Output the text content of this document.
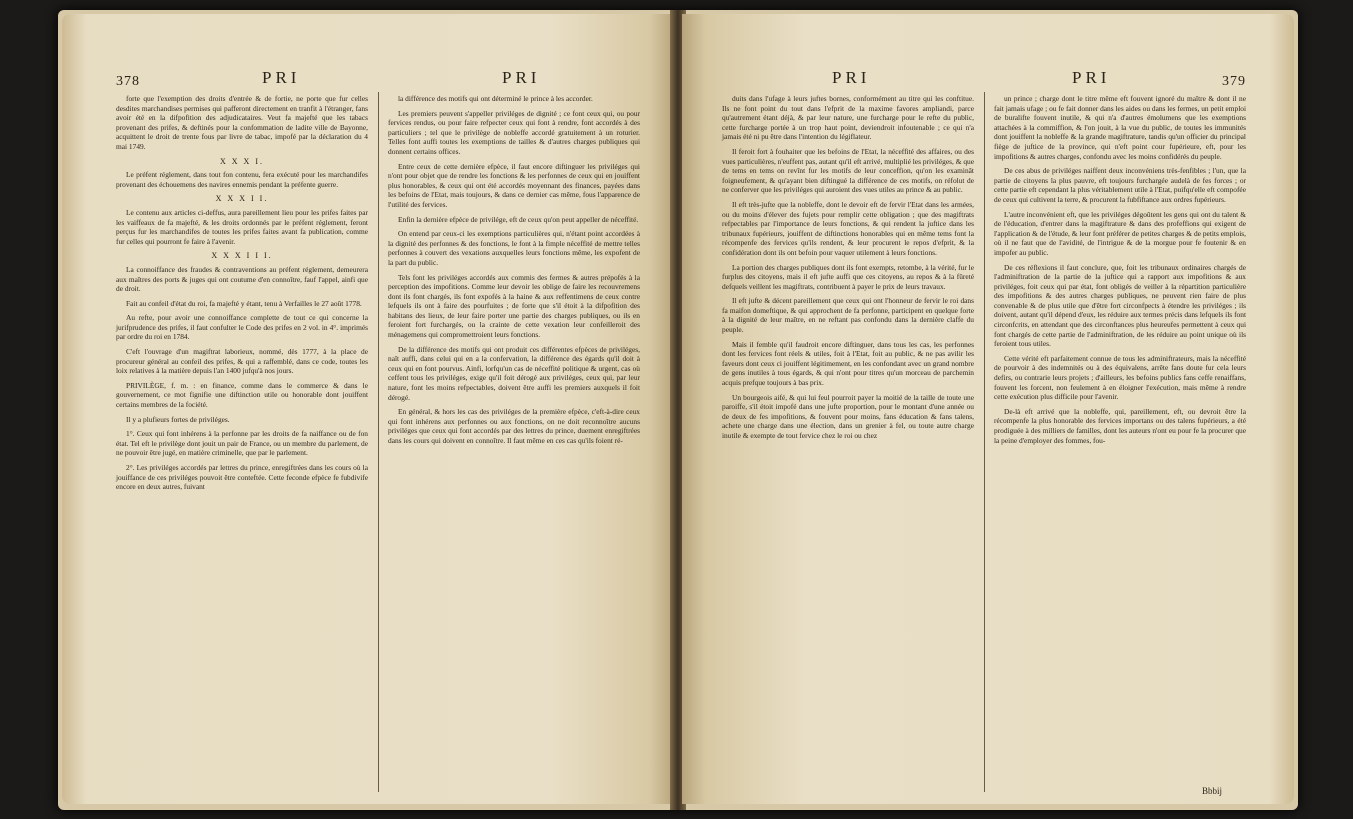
378	PRI	PRI

forte que l'exemption des droits d'entrée & de fortie, ne porte que fur celles desdites marchandises permises qui pafferont directement en tranfit à l'étranger, fans avoir été en la difpofition des adjudicataires. Veut fa majefté que les tabacs provenant des prifes, & deftinés pour la confommation de ladite ville de Bayonne, acquittent le droit de trente fous par livre de tabac, impofé par la déclaration du 4 mai 1749.

X X X I.

Le préfent réglement, dans tout fon contenu, fera exécuté pour les marchandifes provenant des échouemens des navires ennemis pendant la préfente guerre.

X X X I I.

Le contenu aux articles ci-deffus, aura pareillement lieu pour les prifes faites par les vaiffeaux de fa majefté, & les droits ordonnés par le préfent réglement, feront perçus fur les marchandifes de toutes les prifes faites avant fa publication, comme fur celles qui pourront fe faire à l'avenir.

X X X I I I.

La connoiffance des fraudes & contraventions au préfent réglement, demeurera aux maîtres des ports & juges qui ont coutume d'en connoître, fauf l'appel, ainfi que de droit.

Fait au confeil d'état du roi, fa majefté y étant, tenu à Verfailles le 27 août 1778.

Au refte, pour avoir une connoiffance complette de tout ce qui concerne la jurifprudence des prifes, il faut confulter le Code des prifes en 2 vol. in 4°. imprimés par ordre du roi en 1784.

C'eft l'ouvrage d'un magiftrat laborieux, nommé, dès 1777, à la place de procureur général au confeil des prifes, & qui a raffemblé, dans ce code, toutes les loix relatives à la matière depuis l'an 1400 jufqu'à nos jours.

PRIVILÈGE, f. m. : en finance, comme dans le commerce & dans le gouvernement, ce mot fignifie une diftinction utile ou honorable dont jouiffent certains membres de la fociété.

Il y a plufieurs fortes de priviléges.

1°. Ceux qui font inhérens à la perfonne par les droits de fa naiffance ou de fon état. Tel eft le privilège dont jouit un pair de France, ou un membre du parlement, de ne pouvoir être jugé, en matière criminelle, que par le parlement.

2°. Les priviléges accordés par lettres du prince, enregiftrées dans les cours où la jouiffance de ces priviléges pouvoit être conteftée. Cette feconde efpèce fe fubdivife encore en deux autres, fuivant

la différence des motifs qui ont déterminé le prince à les accorder.

Les premiers peuvent s'appeller priviléges de dignité ; ce font ceux qui, ou pour fervices rendus, ou pour faire refpecter ceux qui font à rendre, font accordés à des particuliers ; tel que le privilège de nobleffe accordé gratuitement à un roturier. Telles font auffi toutes les exemptions de tailles & d'autres charges publiques qui donnent certains offices.

Entre ceux de cette dernière efpèce, il faut encore diftinguer les priviléges qui n'ont pour objet que de rendre les fonctions & les perfonnes de ceux qui en jouiffent plus honorables, & ceux qui ont été accordés moyennant des finances, payées dans les befoins de l'Etat, mais toujours, & dans ce dernier cas même, fous l'apparence de l'utilité des fervices.

Enfin la dernière efpèce de privilége, eft de ceux qu'on peut appeller de néceffité.

On entend par ceux-ci les exemptions particulières qui, n'étant point accordées à la dignité des perfonnes & des fonctions, le font à la fimple néceffité de mettre telles perfonnes à couvert des vexations auxquelles leurs fonctions même, les expofent de la part du public.

Tels font les priviléges accordés aux commis des fermes & autres prépofés à la perception des impofitions. Comme leur devoir les oblige de faire les recouvremens dont ils font chargés, ils font expofés à la haine & aux reffentimens de ceux contre lefquels ils ont à faire des pourfuites ; de forte que s'il étoit à la difpofition des habitans des lieux, de leur faire porter une partie des charges publiques, ou ils en feroient fort furchargés, ou la crainte de cette vexation leur confeilleroit des ménagemens qui compromettroient leurs fonctions.

De la différence des motifs qui ont produit ces différentes efpèces de priviléges, naît auffi, dans celui qui en a la confervation, la différence des égards qu'il doit à ceux qui en font pourvus. Ainfi, lorfqu'un cas de néceffité politique & urgent, cas où ceffent tous les priviléges, exige qu'il foit dérogé aux priviléges, ceux qui, par leur nature, font les moins refpectables, doivent être auffi les premiers auxquels il foit dérogé.

En général, & hors les cas des priviléges de la première efpèce, c'eft-à-dire ceux qui font inhérens aux perfonnes ou aux fonctions, on ne doit reconnoître aucuns priviléges que ceux qui font accordés par des lettres du prince, duement enregiftrées dans les cours qui doivent en connoître. Il faut même en ces cas qu'ils foient ré-

PRI	PRI	379

duits dans l'ufage à leurs juftes bornes, conformément au titre qui les conftitue. Ils ne font point du tout dans l'efprit de la maxime favores ampliandi, parce qu'autrement étant déjà, & par leur nature, une furcharge pour le refte du public, cette furcharge portée à un trop haut point, deviendroit infoutenable ; ce qui n'a jamais été ni pu être dans l'intention du légiflateur.

Il feroit fort à fouhaiter que les befoins de l'Etat, la néceffité des affaires, ou des vues particulières, n'euffent pas, autant qu'il eft arrivé, multiplié les priviléges, & que de tems en tems on revînt fur les motifs de leur conceffion, qu'on les examinât foigneufement, & qu'ayant bien diftingué la différence de ces motifs, on réfolut de ne conferver que les priviléges qui auroient des vues utiles au prince & au public.

Il eft très-jufte que la nobleffe, dont le devoir eft de fervir l'Etat dans les armées, ou du moins d'élever des fujets pour remplir cette obligation ; que des magiftrats refpectables par l'importance de leurs fonctions, & qui rendent la juftice dans les tribunaux fupérieurs, jouiffent de diftinctions honorables qui en même tems font la récompenfe des fervices qu'ils rendent, & leur procurent le repos d'efprit, & la confidération dont ils ont befoin pour vaquer utilement à leurs fonctions.

La portion des charges publiques dont ils font exempts, retombe, à la vérité, fur le furplus des citoyens, mais il eft jufte auffi que ces citoyens, au repos & à la fûreté defquels veillent les magiftrats, contribuent à payer le prix de leurs travaux.

Il eft jufte & décent pareillement que ceux qui ont l'honneur de fervir le roi dans fa maifon domeftique, & qui approchent de fa perfonne, participent en quelque forte à la dignité de leur maître, en ne reftant pas confondu dans la dernière claffe du peuple.

Mais il femble qu'il faudroit encore diftinguer, dans tous les cas, les perfonnes dont les fervices font réels & utiles, foit à l'Etat, foit au public, & ne pas avilir les faveurs dont ceux ci jouiffent légitimement, en les confondant avec un grand nombre de gens inutiles à tous égards, & qui n'ont pour titres qu'un morceau de parchemin acquis prefque toujours à bas prix.

Un bourgeois aifé, & qui lui feul pourroit payer la moitié de la taille de toute une paroiffe, s'il étoit impofé dans une jufte proportion, pour le montant d'une année ou de deux de fes impofitions, & fouvent pour moins, fans éducation & fans talens, achete une charge dans une élection, dans un grenier à fel, ou toute autre charge inutile & exempte de tout fervice chez le roi ou chez

un prince ; charge dont le titre même eft fouvent ignoré du maître & dont il ne fait jamais ufage ; ou fe fait donner dans les aides ou dans les fermes, un petit emploi de buralifte fouvent inutile, & qui n'a d'autres émolumens que les exemptions attachées à la commiffion, & l'on jouit, à la vue du public, de toutes les immunités dont jouiffent la nobleffe & la grande magiftrature, tandis qu'un officier du principal fiège de juftice de la province, qui n'eft point cour fupérieure, eft, pour les impofitions & autres charges, confondu avec les moins confidérés du peuple.

De ces abus de priviléges naiffent deux inconvéniens très-fenfibles ; l'un, que la partie de citoyens la plus pauvre, eft toujours furchargée audelà de fes forces ; or cette partie eft cependant la plus véritablement utile à l'Etat, puifqu'elle eft compofée de ceux qui cultivent la terre, & procurent la fubfiftance aux ordres fupérieurs.

L'autre inconvénient eft, que les priviléges dégoûtent les gens qui ont du talent & de l'éducation, d'entrer dans la magiftrature & dans des profeffions qui exigent de l'application & de l'étude, & leur font préférer de petites charges & de petits emplois, où il ne faut que de l'avidité, de l'intrigue & de la morgue pour fe foutenir & en impofer au public.

De ces réflexions il faut conclure, que, foit les tribunaux ordinaires chargés de l'adminiftration de la partie de la juftice qui a rapport aux impofitions & aux priviléges, foit ceux qui par état, font obligés de veiller à la répartition particulière des impofitions & des autres charges publiques, ne peuvent rien faire de plus convenable & de plus utile que d'être fort circonfpects à étendre les priviléges ; ils doivent, autant qu'il dépend d'eux, les réduire aux termes précis dans lefquels ils font circonfcrits, en attendant que des circonftances plus heureufes permettent à ceux qui font chargés de cette partie de l'adminiftration, de les réduire au point unique où ils feroient tous utiles.

Cette vérité eft parfaitement connue de tous les adminiftrateurs, mais la néceffité de pourvoir à des indemnités ou à des équivalens, arrête fans doute fur cela leurs defirs, ou contrarie leurs projets ; d'ailleurs, les befoins publics fans ceffe renaiffans, fouvent les forcent, non feulement à en éloigner l'exécution, mais même à rendre cette exécution plus difficile pour l'avenir.

De-là eft arrivé que la nobleffe, qui, pareillement, eft, ou devroit être la récompenfe la plus honorable des fervices importans ou des talens fupérieurs, a été prodiguée à des milliers de familles, dont les auteurs n'ont eu pour fe la procurer que la peine d'employer des fommes, fou-

Bbbij
